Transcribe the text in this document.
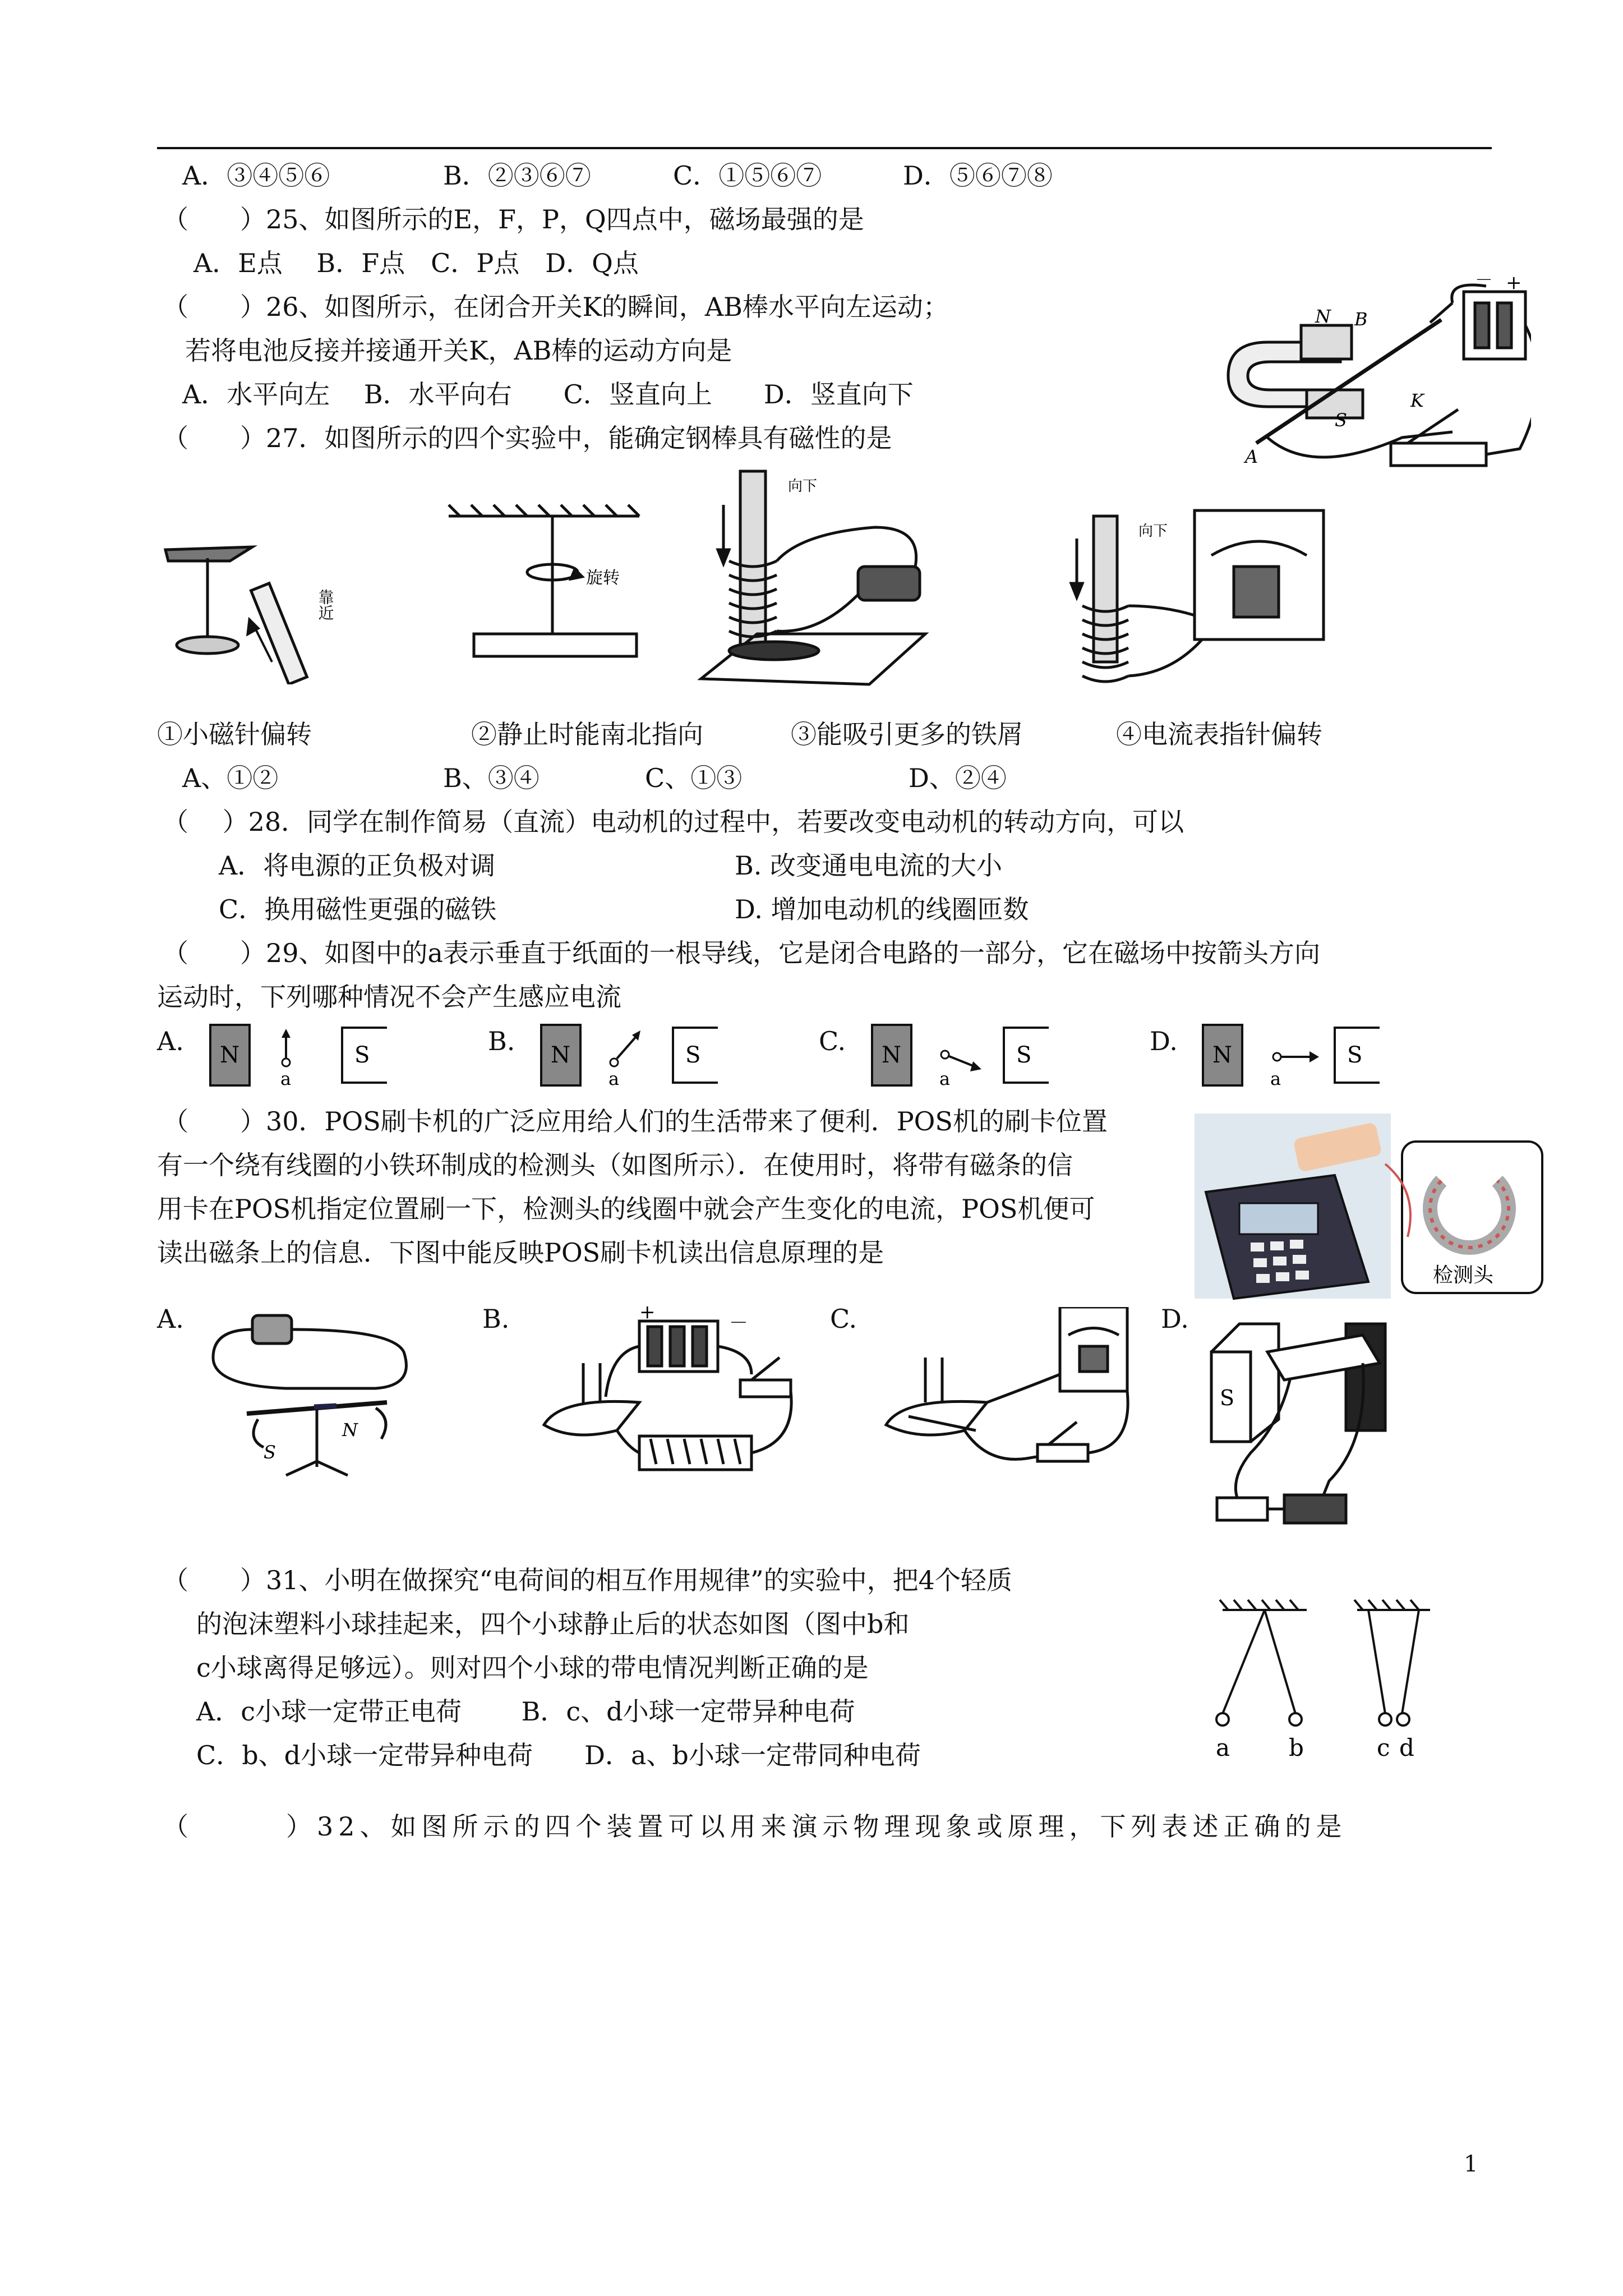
A．③④⑤⑥	B．②③⑥⑦	C．①⑤⑥⑦	D．⑤⑥⑦⑧
（　　）25、如图所示的E，F，P，Q四点中，磁场最强的是
A．E点　 B．F点　C．P点　D．Q点
（　　）26、如图所示，在闭合开关K的瞬间，AB棒水平向左运动；
若将电池反接并接通开关K，AB棒的运动方向是
A．水平向左　 B．水平向右　　C．竖直向上　　D．竖直向下
N B
A
S
K
－ +
（　　）27．如图所示的四个实验中，能确定钢棒具有磁性的是
靠近
旋转
向下
向下
①小磁针偏转	②静止时能南北指向	③能吸引更多的铁屑	④电流表指针偏转
A、①②	B、③④	C、①③	D、②④
（　 ）28．同学在制作简易（直流）电动机的过程中，若要改变电动机的转动方向，可以
A．将电源的正负极对调	B. 改变通电电流的大小
C．换用磁性更强的磁铁	D. 增加电动机的线圈匝数
（　　）29、如图中的a表示垂直于纸面的一根导线，它是闭合电路的一部分，它在磁场中按箭头方向
运动时，下列哪种情况不会产生感应电流
A. N
a
S	B. N
a
S	C. N
a
S	D. N
a
S
（　　）30．POS刷卡机的广泛应用给人们的生活带来了便利．POS机的刷卡位置
有一个绕有线圈的小铁环制成的检测头（如图所示）．在使用时，将带有磁条的信
用卡在POS机指定位置刷一下，检测头的线圈中就会产生变化的电流，POS机便可
读出磁条上的信息．下图中能反映POS刷卡机读出信息原理的是
检测头
A.
S
N
B.	+	－	C.	D.
S
（　　）31、小明在做探究“电荷间的相互作用规律”的实验中，把4个轻质
的泡沫塑料小球挂起来，四个小球静止后的状态如图（图中b和
c小球离得足够远）。则对四个小球的带电情况判断正确的是
A．c小球一定带正电荷　　 B．c、d小球一定带异种电荷
C．b、d小球一定带异种电荷　　D．a、b小球一定带同种电荷	a b	c d
（　　　）32、如图所示的四个装置可以用来演示物理现象或原理，下列表述正确的是
1
